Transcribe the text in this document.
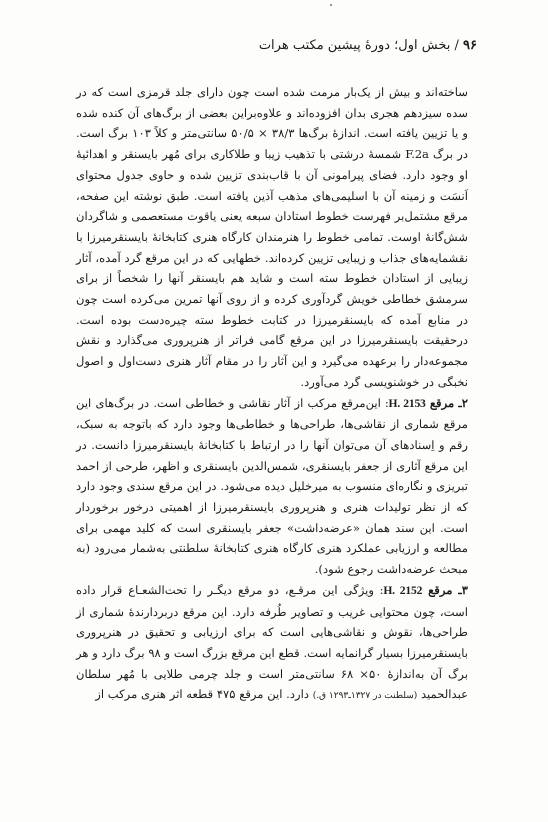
۹۶ / بخش اول؛ دورهٔ پیشین مکتب هرات

ساخته‌اند و بیش از یک‌بار مرمت شده است چون دارای جلد قرمزی است که در سده سیزدهم هجری بدان افزوده‌اند و علاوه‌براین بعضی از برگ‌های آن کنده شده و یا تزیین یافته است. اندازهٔ برگ‌ها ۳۸/۳ × ۵۰/۵ سانتی‌متر و کلاً ۱۰۳ برگ است. در برگ F.2a شمسهٔ درشتی با تذهیب زیبا و طلاکاری برای مُهر بایسنقر و اهدائیهٔ او وجود دارد. فضای پیرامونی آن با قاب‌بندی تزیین شده و حاوی جدول محتوای اَنسَت و زمینه آن با اسلیمی‌های مذهب آذین یافته است. طبق نوشته این صفحه، مرقع مشتمل‌بر فهرست خطوط استادان سبعه یعنی یاقوت مستعصمی و شاگردان شش‌گانهٔ اوست. تمامی خطوط را هنرمندان کارگاه هنری کتابخانهٔ بایسنقرمیرزا با نقشمایه‌های جذاب و زیبایی تزیین کرده‌اند. خطهایی که در این مرقع گرد آمده، آثار زیبایی از استادان خطوط سته است و شاید هم بایسنقر آنها را شخصاً از برای سرمشق خطاطی خویش گردآوری کرده و از روی آنها تمرین می‌کرده است چون در منابع آمده که بایسنقرمیرزا در کتابت خطوط سته چیره‌دست بوده است. درحقیقت بایسنقرمیرزا در این مرقع گامی فراتر از هنرپروری می‌گذارد و نقش مجموعه‌دار را برعهده می‌گیرد و این آثار را در مقام آثار هنری دست‌اول و اصول نخبگی در خوشنویسی گرد می‌آورد.

۲ـ مرقع H. 2153: این‌مرقع مرکب از آثار نقاشی و خطاطی است. در برگ‌های این مرقع شماری از نقاشی‌ها، طراحی‌ها و خطاطی‌ها وجود دارد که باتوجه به سبک، رقم و اِسنادهای آن می‌توان آنها را در ارتباط با کتابخانهٔ بایسنقرمیرزا دانست. در این مرقع آثاری از جعفر بایسنقری، شمس‌الدین بایسنقری و اظهر، طرحی از احمد تبریزی و نگاره‌ای منسوب به میرخلیل دیده می‌شود. در این مرقع سندی وجود دارد که از نظر تولیدات هنری و هنرپروری بایسنقرمیرزا از اهمیتی درخور برخوردار است. این سند همان «عرضه‌داشت» جعفر بایسنقری است که کلید مهمی برای مطالعه و ارزیابی عملکرد هنری کارگاه هنری کتابخانهٔ سلطنتی به‌شمار می‌رود (به مبحث عرضه‌داشت رجوع شود).

۳ـ مرقع H. 2152: ویژگی این مرقـع، دو مرقع دیگـر را تحت‌الشعـاع قرار داده است، چون محتوایی غریب و تصاویر طُرفه دارد. این مرقع دربردارندهٔ شماری از طراحی‌ها، نقوش و نقاشی‌هایی است که برای ارزیابی و تحقیق در هنرپروری بایسنقرمیرزا بسیار گرانمایه است. قطع این مرقع بزرگ است و ۹۸ برگ دارد و هر برگ آن به‌اندازهٔ ۵۰× ۶۸ سانتی‌متر است و جلد چرمی طلایی با مُهر سلطان عبدالحمید (سلطنت در ۱۳۲۷ـ۱۲۹۳ ق.) دارد. این مرقع ۴۷۵ قطعه اثر هنری مرکب از
